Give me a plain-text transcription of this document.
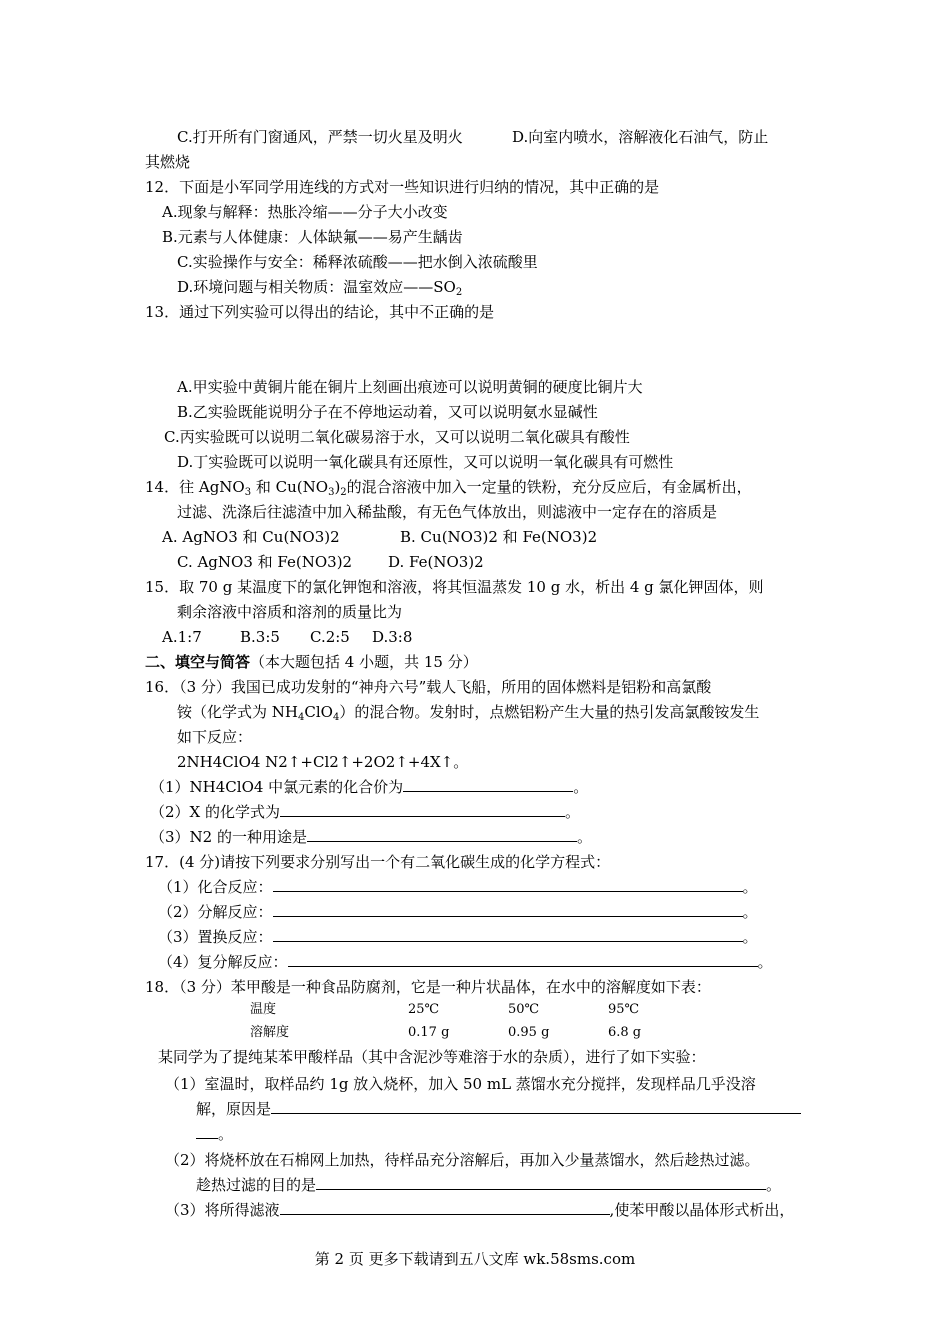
C.打开所有门窗通风，严禁一切火星及明火	D.向室内喷水，溶解液化石油气，防止
其燃烧
12．下面是小军同学用连线的方式对一些知识进行归纳的情况，其中正确的是
A.现象与解释：热胀冷缩——分子大小改变
B.元素与人体健康：人体缺氟——易产生龋齿
C.实验操作与安全：稀释浓硫酸——把水倒入浓硫酸里
D.环境问题与相关物质：温室效应$——SO_2$
13．通过下列实验可以得出的结论，其中不正确的是
A.甲实验中黄铜片能在铜片上刻画出痕迹可以说明黄铜的硬度比铜片大
B.乙实验既能说明分子在不停地运动着，又可以说明氨水显碱性
C.丙实验既可以说明二氧化碳易溶于水，又可以说明二氧化碳具有酸性
D.丁实验既可以说明一氧化碳具有还原性，又可以说明一氧化碳具有可燃性
14．往 AgNO$_3$ 和 $Cu(NO_3)_2$的混合溶液中加入一定量的铁粉，充分反应后，有金属析出，
过滤、洗涤后往滤渣中加入稀盐酸，有无色气体放出，则滤液中一定存在的溶质是
A. AgNO3 和 Cu(NO3)2	B. Cu(NO3)2 和 Fe(NO3)2
C. AgNO3 和 Fe(NO3)2 D. Fe(NO3)2
15．取 70 g 某温度下的氯化钾饱和溶液，将其恒温蒸发 10 g 水，析出 4 g 氯化钾固体，则
剩余溶液中溶质和溶剂的质量比为
A.1:7	B.3:5 C.2:5 D.3:8
二、填空与简答（本大题包括 4 小题，共 15 分）
16．（3 分）我国已成功发射的“神舟六号”载人飞船，所用的固体燃料是铝粉和高氯酸
铵（化学式为 $NH_4ClO_4$）的混合物。发射时，点燃铝粉产生大量的热引发高氯酸铵发生
如下反应：
2NH4ClO4 N2↑+Cl2↑+2O2↑+4X↑。
（1）NH4ClO4 中氯元素的化合价为	。
（2）X 的化学式为	。
（3）N2 的一种用途是	。
17．(4 分)请按下列要求分别写出一个有二氧化碳生成的化学方程式：
（1）化合反应：	。
（2）分解反应：	。
（3）置换反应：	。
（4）复分解反应：	。
18．（3 分）苯甲酸是一种食品防腐剂，它是一种片状晶体，在水中的溶解度如下表：
温度	25℃	50℃	95℃
溶解度	0.17 g	0.95 g	6.8 g
某同学为了提纯某苯甲酸样品（其中含泥沙等难溶于水的杂质），进行了如下实验：
（1）室温时，取样品约 1g 放入烧杯，加入 50 mL 蒸馏水充分搅拌，发现样品几乎没溶
解，原因是
。
（2）将烧杯放在石棉网上加热，待样品充分溶解后，再加入少量蒸馏水，然后趁热过滤。
趁热过滤的目的是	。
（3）将所得滤液	,使苯甲酸以晶体形式析出，
第 2 页 更多下载请到五八文库 wk.58sms.com
